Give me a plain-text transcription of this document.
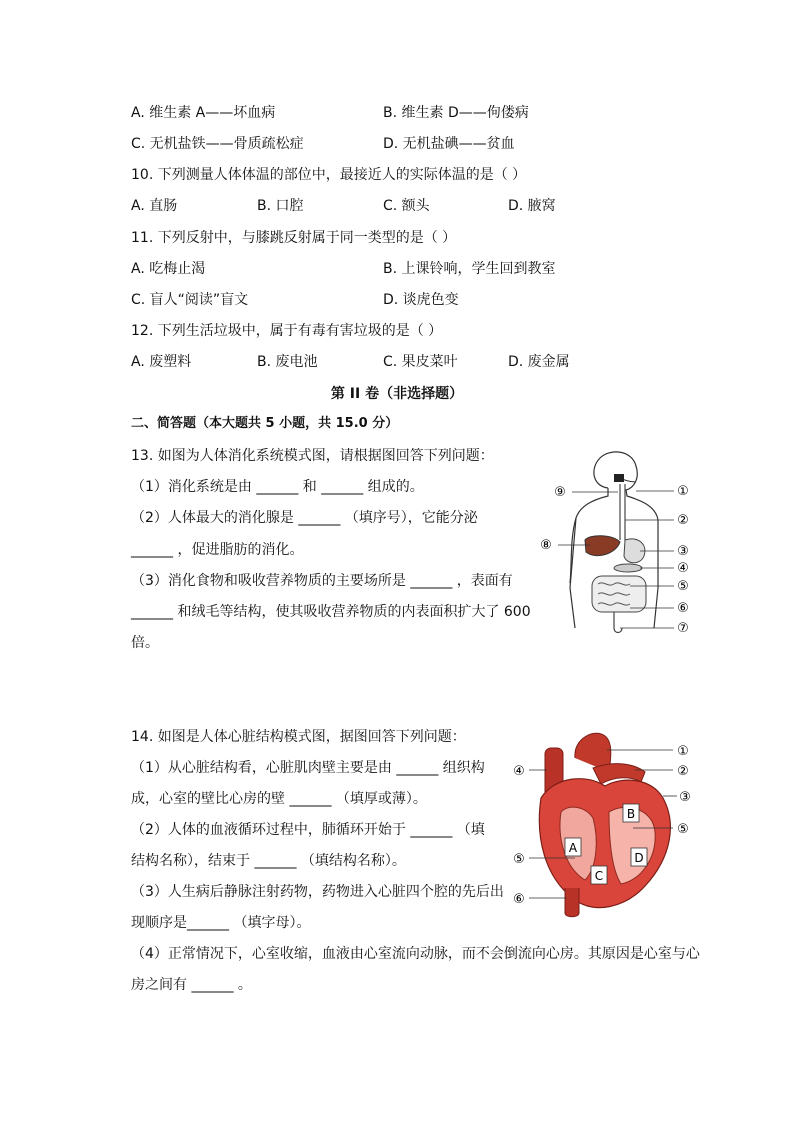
A. 维生素 A——坏血病	B. 维生素 D——佝偻病
C. 无机盐铁——骨质疏松症	D. 无机盐碘——贫血
10. 下列测量人体体温的部位中，最接近人的实际体温的是（ ）
A. 直肠	B. 口腔	C. 额头	D. 腋窝
11. 下列反射中，与膝跳反射属于同一类型的是（ ）
A. 吃梅止渴	B. 上课铃响，学生回到教室
C. 盲人“阅读”盲文	D. 谈虎色变
12. 下列生活垃圾中，属于有毒有害垃圾的是（ ）
A. 废塑料	B. 废电池	C. 果皮菜叶	D. 废金属
第 II 卷（非选择题）
二、简答题（本大题共 5 小题，共 15.0 分）
13. 如图为人体消化系统模式图，请根据图回答下列问题：
（1）消化系统是由 ______ 和 ______ 组成的。
（2）人体最大的消化腺是 ______ （填序号），它能分泌
______ ，促进脂肪的消化。
（3）消化食物和吸收营养物质的主要场所是 ______ ，表面有
______ 和绒毛等结构，使其吸收营养物质的内表面积扩大了 600
倍。
⑨	①
②
⑧	③
④
⑤
⑥
⑦
14. 如图是人体心脏结构模式图，据图回答下列问题：
（1）从心脏结构看，心脏肌肉壁主要是由 ______ 组织构
成，心室的壁比心房的壁 ______ （填厚或薄）。
（2）人体的血液循环过程中，肺循环开始于 ______ （填
结构名称），结束于 ______ （填结构名称）。
（3）人生病后静脉注射药物，药物进入心脏四个腔的先后出
现顺序是______ （填字母）。
（4）正常情况下，心室收缩，血液由心室流向动脉，而不会倒流向心房。其原因是心室与心
房之间有 ______ 。
①
④	②
③
B
⑤
⑤
A
D
C
⑥
